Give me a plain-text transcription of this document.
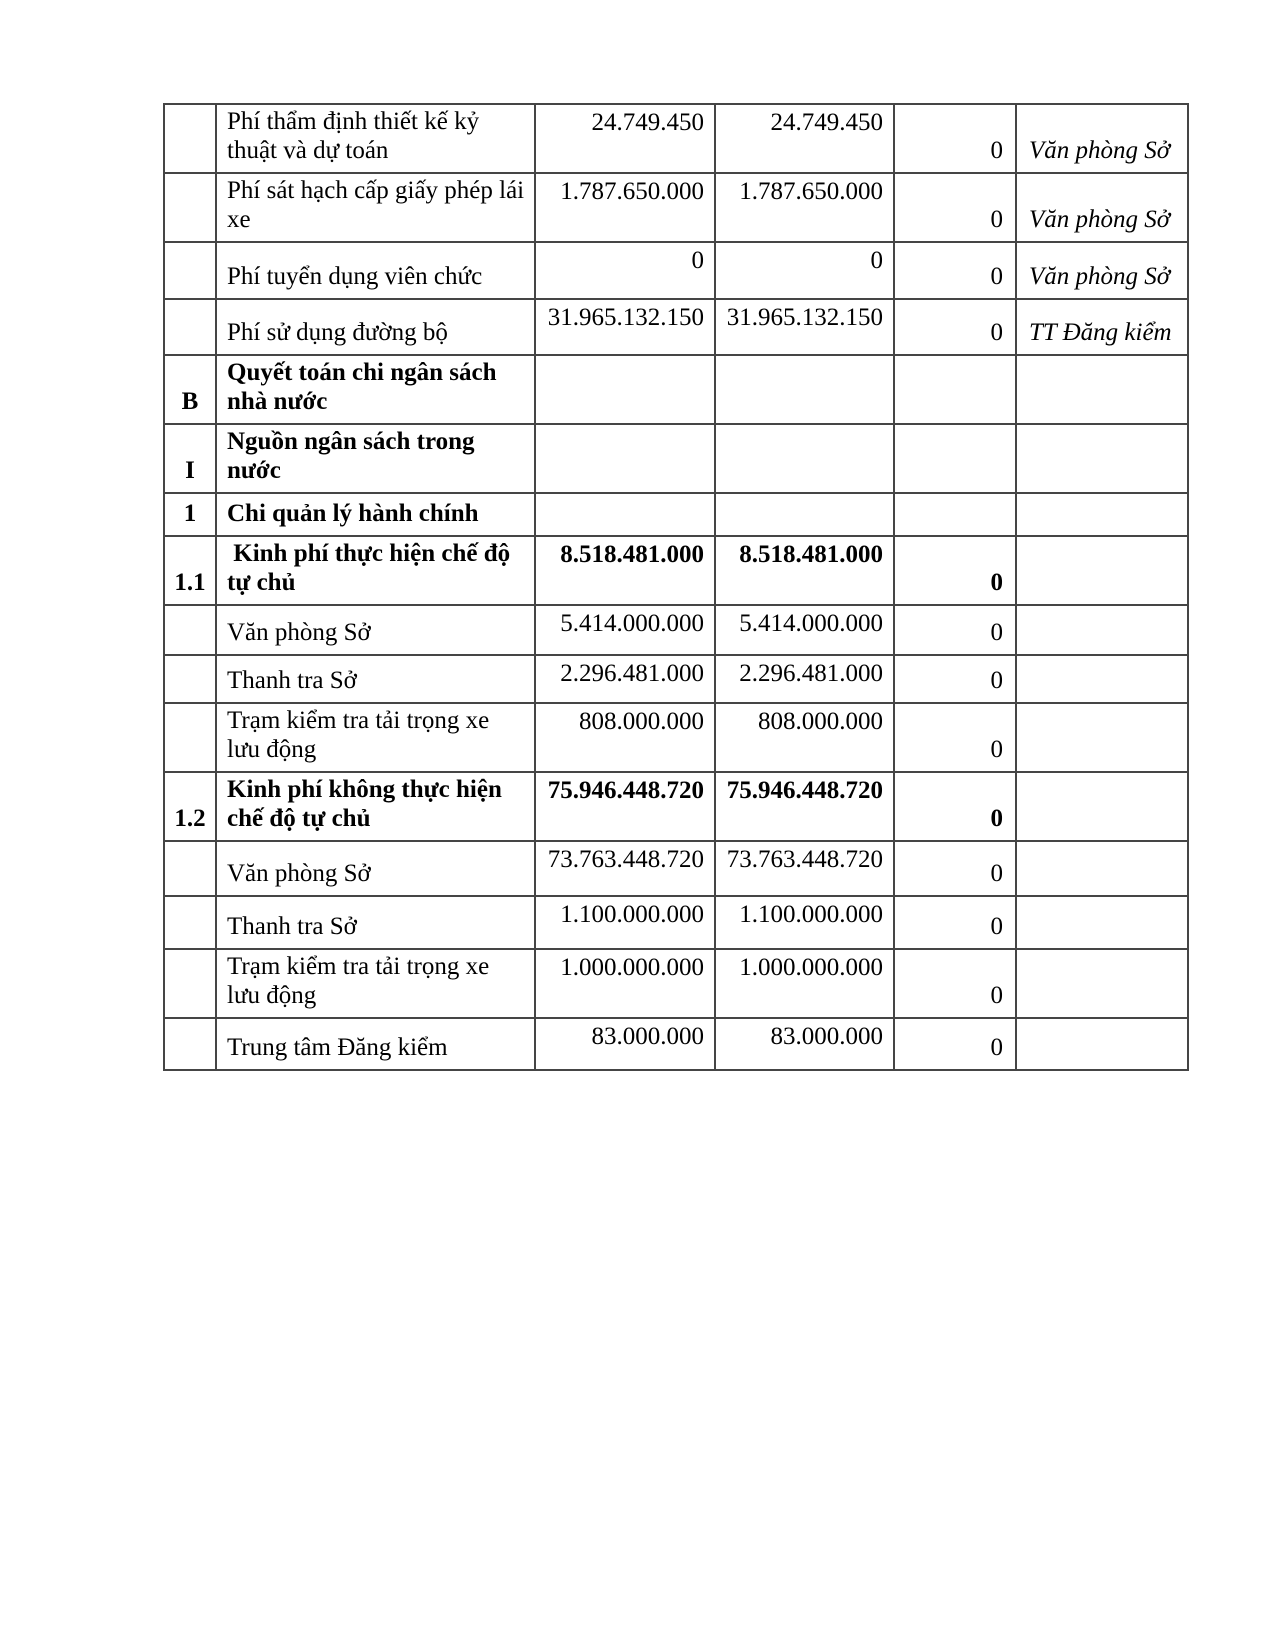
	Phí thẩm định thiết kế kỷ thuật và dự toán	24.749.450	24.749.450	0	Văn phòng Sở
	Phí sát hạch cấp giấy phép lái xe	1.787.650.000	1.787.650.000	0	Văn phòng Sở
	Phí tuyển dụng viên chức	0	0	0	Văn phòng Sở
	Phí sử dụng đường bộ	31.965.132.150	31.965.132.150	0	TT Đăng kiểm
B	Quyết toán chi ngân sách nhà nước				
I	Nguồn ngân sách trong nước				
1	Chi quản lý hành chính				
1.1	Kinh phí thực hiện chế độ tự chủ	8.518.481.000	8.518.481.000	0	
	Văn phòng Sở	5.414.000.000	5.414.000.000	0	
	Thanh tra Sở	2.296.481.000	2.296.481.000	0	
	Trạm kiểm tra tải trọng xe lưu động	808.000.000	808.000.000	0	
1.2	Kinh phí không thực hiện chế độ tự chủ	75.946.448.720	75.946.448.720	0	
	Văn phòng Sở	73.763.448.720	73.763.448.720	0	
	Thanh tra Sở	1.100.000.000	1.100.000.000	0	
	Trạm kiểm tra tải trọng xe lưu động	1.000.000.000	1.000.000.000	0	
	Trung tâm Đăng kiểm	83.000.000	83.000.000	0	
